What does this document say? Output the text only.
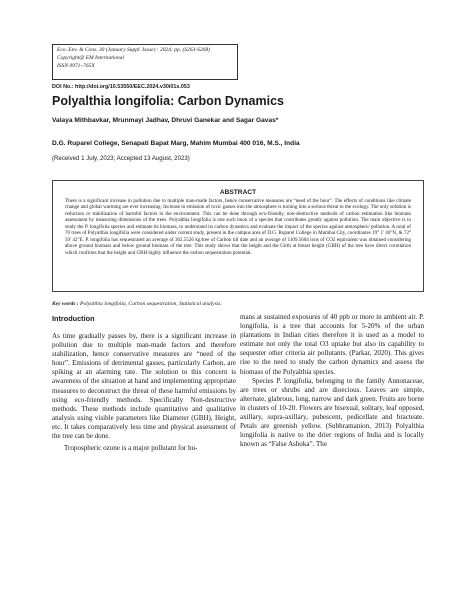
Eco. Env. & Cons. 30 (January Suppl. Issue) : 2024; pp. (S263-S268)
Copyright@ EM International
ISSN 0971–765X
DOI No.: http://doi.org/10.53550/EEC.2024.v30i01s.053
Polyalthia longifolia: Carbon Dynamics
Valaya Mithbavkar, Mrunmayi Jadhav, Dhruvi Ganekar and Sagar Gavas*
D.G. Ruparel College, Senapati Bapat Marg, Mahim Mumbai 400 016, M.S., India
(Received 1 July, 2023; Accepted 13 August, 2023)
ABSTRACT

There is a significant increase in pollution due to multiple man-made factors, hence conservative measures are “need of the hour”. The effects of conditions like climate change and global warming are ever increasing. Increase in emission of toxic gasses into the atmosphere is turning into a serious threat to the ecology. The only solution is reduction or stabilization of harmful factors in the environment. This can be done through eco-friendly, non-destructive methods of carbon estimation like biomass assessment by measuring dimensions of the trees. Polyalthia longifolia is one such boon of a species that contributes greatly against pollution. The main objective is to study the P. longifolia species and estimate its biomass, to understand its carbon dynamics and evaluate the impact of the species against atmospheric pollution. A total of 70 trees of Polyalthia longifolia were considered under current study, present in the campus area of D.G. Ruparel College in Mumbai City, coordinates 19° 1' 40"N, & 72° 50' 42"E. P. longifolia has sequestrated an average of 302.5526 kg/tree of Carbon till date and an average of 1109.5604 tons of CO2 equivalent was obtained considering above ground biomass and below ground biomass of the tree. This study shows that the height and the Girth at breast height (GBH) of the tree have direct correlation which confirms that the height and GBH highly influence the carbon sequestration potential.

Key words : Polyalthia longifolia, Carbon sequestration, Statistical analysis.
Introduction

As time gradually passes by, there is a significant increase in pollution due to multiple man-made factors and therefore stabilization, hence conservative measures are “need of the hour”. Emissions of detrimental gasses, particularly Carbon, are spiking at an alarming rate. The solution to this concern is awareness of the situation at hand and implementing appropriate measures to deconstruct the threat of these harmful emissions by using eco-friendly methods. Specifically Non-destructive methods. These methods include quantitative and qualitative analysis using visible parameters like Diameter (GBH), Height, etc. It takes comparatively less time and physical assessment of the tree can be done.

Tropospheric ozone is a major pollutant for hu-

mans at sustained exposures of 40 ppb or more in ambient air. P. longifolia, is a tree that accounts for 5-20% of the urban plantations in Indian cities therefore it is used as a model to estimate not only the total O3 uptake but also its capability to sequester other criteria air pollutants. (Parkar, 2020). This gives rise to the need to study the carbon dynamics and assess the biomass of the Polyalthia species.

Species P. longifolia, belonging to the family Annonaceae, are trees or shrubs and are dioecious. Leaves are simple, alternate, glabrous, long, narrow and dark green. Fruits are borne in clusters of 10-20. Flowers are bisexual, solitary, leaf opposed, axillary, supra-axillary, pubescent, pedicellate and bracteate. Petals are greenish yellow. (Subhramanion, 2013) Polyalthia longifolia is native to the drier regions of India and is locally known as “False Ashoka”. The
